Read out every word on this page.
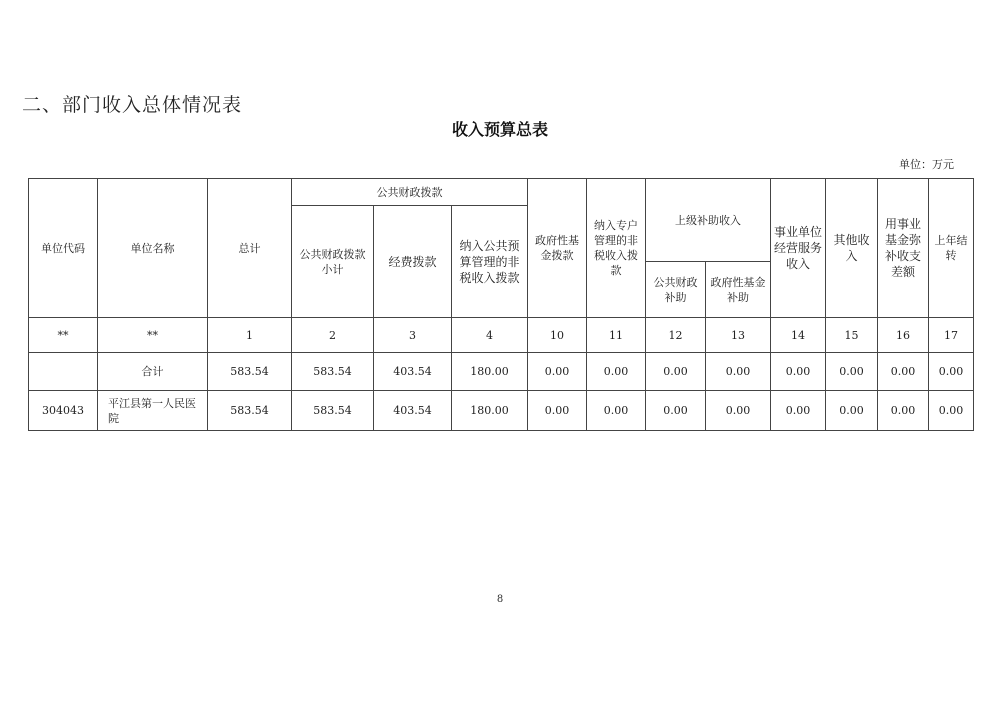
二、部门收入总体情况表
收入预算总表
单位：万元
单位代码	单位名称	总计	公共财政拨款			政府性基金拨款	纳入专户管理的非税收入拨款	上级补助收入		事业单位经营服务收入	其他收入	用事业基金弥补收支差额	上年结转
			公共财政拨款小计	经费拨款	纳入公共预算管理的非税收入拨款								
								公共财政补助	政府性基金补助				
**	**	1	2	3	4	10	11	12	13	14	15	16	17
	合计	583.54	583.54	403.54	180.00	0.00	0.00	0.00	0.00	0.00	0.00	0.00	0.00
304043	平江县第一人民医院	583.54	583.54	403.54	180.00	0.00	0.00	0.00	0.00	0.00	0.00	0.00	0.00
8
